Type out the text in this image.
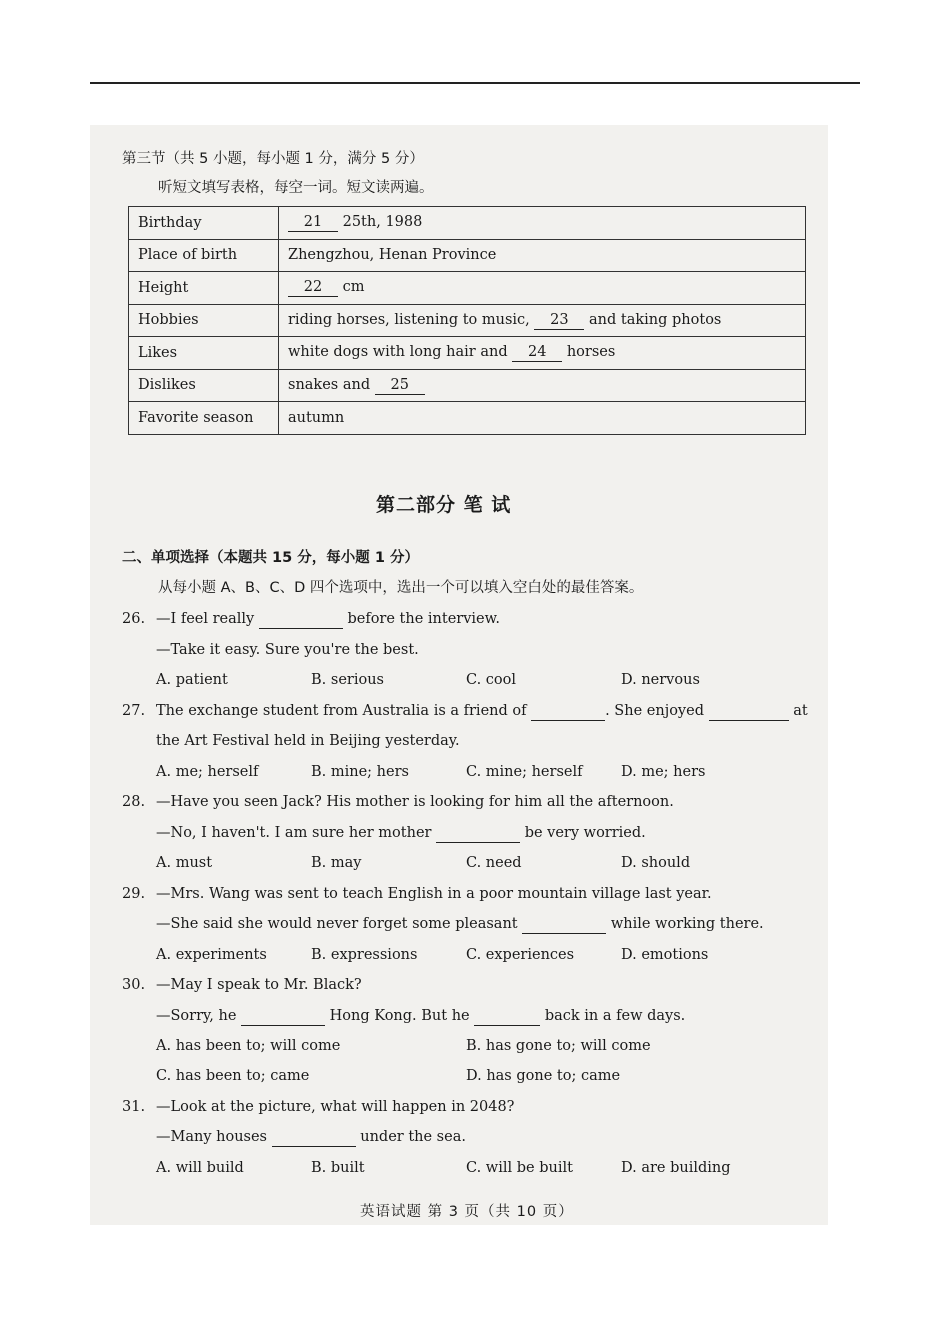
第三节（共 5 小题，每小题 1 分，满分 5 分）
听短文填写表格，每空一词。短文读两遍。
Birthday	21 25th, 1988
Place of birth	Zhengzhou, Henan Province
Height	22 cm
Hobbies	riding horses, listening to music, 23 and taking photos
Likes	white dogs with long hair and 24 horses
Dislikes	snakes and 25
Favorite season	autumn
第二部分 笔 试
二、单项选择（本题共 15 分，每小题 1 分）
从每小题 A、B、C、D 四个选项中，选出一个可以填入空白处的最佳答案。
26. —I feel really	before the interview.
—Take it easy. Sure you're the best.
A. patient	B. serious	C. cool	D. nervous
27. The exchange student from Australia is a friend of	. She enjoyed	at
the Art Festival held in Beijing yesterday.
A. me; herself	B. mine; hers	C. mine; herself	D. me; hers
28. —Have you seen Jack? His mother is looking for him all the afternoon.
—No, I haven't. I am sure her mother	be very worried.
A. must	B. may	C. need	D. should
29. —Mrs. Wang was sent to teach English in a poor mountain village last year.
—She said she would never forget some pleasant	while working there.
A. experiments	B. expressions	C. experiences	D. emotions
30. —May I speak to Mr. Black?
—Sorry, he	Hong Kong. But he	back in a few days.
A. has been to; will come	B. has gone to; will come
C. has been to; came	D. has gone to; came
31. —Look at the picture, what will happen in 2048?
—Many houses	under the sea.
A. will build	B. built	C. will be built	D. are building
英语试题 第 3 页（共 10 页）
